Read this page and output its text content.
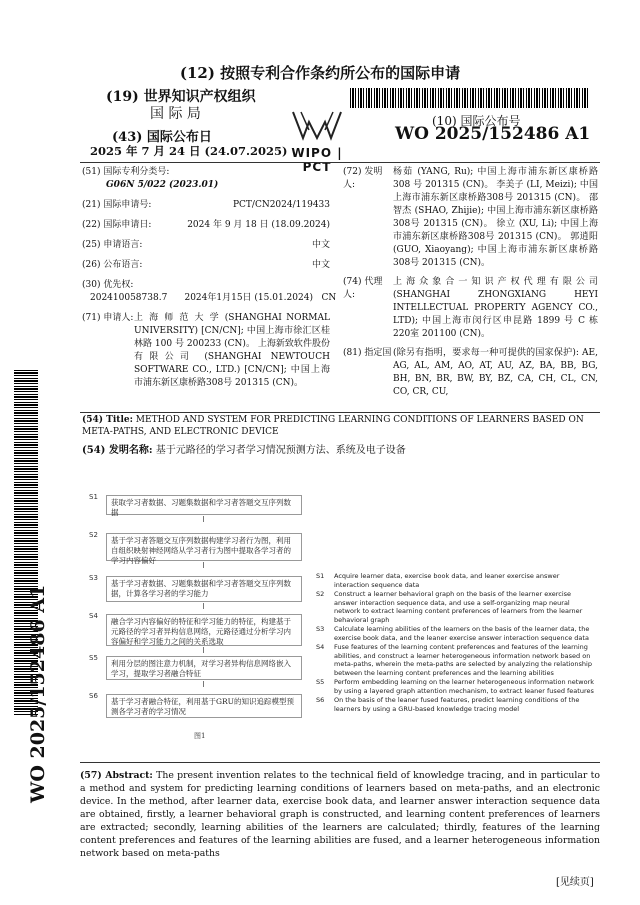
(12) 按照专利合作条约所公布的国际申请
(19) 世界知识产权组织
国 际 局
(43) 国际公布日
2025 年 7 月 24 日 (24.07.2025) WIPO | PCT
(10) 国际公布号
WO 2025/152486 A1
(51) 国际专利分类号:
G06N 5/022 (2023.01)
(21) 国际申请号:	PCT/CN2024/119433
(22) 国际申请日:	2024 年 9 月 18 日 (18.09.2024)
(25) 申请语言:	中文
(26) 公布语言:	中文
(30) 优先权:
202410058738.7      2024年1月15日 (15.01.2024)   CN
(71) 申请人: 上 海 师 范 大 学 (SHANGHAI NORMAL UNIVERSITY) [CN/CN]; 中国上海市徐汇区桂林路 100 号 200233 (CN)。 上海新致软件股份有限公司 (SHANGHAI NEWTOUCH SOFTWARE CO., LTD.) [CN/CN]; 中国上海市浦东新区康桥路308号 201315 (CN)。
(72) 发明人:
杨茹 (YANG, Ru); 中国上海市浦东新区康桥路 308 号 201315 (CN)。 李美子 (LI, Meizi); 中国上海市浦东新区康桥路308号 201315 (CN)。 邵智杰 (SHAO, Zhijie); 中国上海市浦东新区康桥路308号 201315 (CN)。 徐立 (XU, Li); 中国上海市浦东新区康桥路308号 201315 (CN)。 郭逍阳 (GUO, Xiaoyang); 中国上海市浦东新区康桥路308号 201315 (CN)。
(74) 代理人:
上 海 众 象 合 一 知 识 产 权 代 理 有 限 公 司 (SHANGHAI ZHONGXIANG HEYI INTELLECTUAL PROPERTY AGENCY CO., LTD); 中国上海市闵行区申昆路 1899 号 C 栋 220室 201100 (CN)。
(81) 指定国 (除另有指明，要求每一种可提供的国家保护): AE, AG, AL, AM, AO, AT, AU, AZ, BA, BB, BG, BH, BN, BR, BW, BY, BZ, CA, CH, CL, CN, CO, CR, CU,
WO 2025/152486 A1
(54) Title: METHOD AND SYSTEM FOR PREDICTING LEARNING CONDITIONS OF LEARNERS BASED ON META-PATHS, AND ELECTRONIC DEVICE
(54) 发明名称: 基于元路径的学习者学习情况预测方法、系统及电子设备
S1
获取学习者数据、习题集数据和学习者答题交互序列数据
S2
基于学习者答题交互序列数据构建学习者行为图，利用自组织映射神经网络从学习者行为图中提取各学习者的学习内容偏好
S3
基于学习者数据、习题集数据和学习者答题交互序列数据，计算各学习者的学习能力
S4
融合学习内容偏好的特征和学习能力的特征，构建基于元路径的学习者异构信息网络，元路径通过分析学习内容偏好和学习能力之间的关系选取
S5
利用分层的图注意力机制，对学习者异构信息网络嵌入学习，提取学习者融合特征
S6
基于学习者融合特征，利用基于GRU的知识追踪模型预测各学习者的学习情况
图1
S1	Acquire learner data, exercise book data, and leaner exercise answer interaction sequence data
S2	Construct a learner behavioral graph on the basis of the learner exercise answer interaction sequence data, and use a self-organizing map neural network to extract learning content preferences of learners from the learner behavioral graph
S3	Calculate learning abilities of the learners on the basis of the learner data, the exercise book data, and the leaner exercise answer interaction sequence data
S4	Fuse features of the learning content preferences and features of the learning abilities, and construct a learner heterogeneous information network based on meta-paths, wherein the meta-paths are selected by analyzing the relationship between the learning content preferences and the learning abilities
S5	Perform embedding learning on the learner heterogeneous information network by using a layered graph attention mechanism, to extract leaner fused features
S6	On the basis of the leaner fused features, predict learning conditions of the learners by using a GRU-based knowledge tracing model
(57) Abstract: The present invention relates to the technical field of knowledge tracing, and in particular to a method and system for predicting learning conditions of learners based on meta-paths, and an electronic device. In the method, after learner data, exercise book data, and learner answer interaction sequence data are obtained, firstly, a learner behavioral graph is constructed, and learning content preferences of learners are extracted; secondly, learning abilities of the learners are calculated; thirdly, features of the learning content preferences and features of the learning abilities are fused, and a learner heterogeneous information network based on meta-paths
[见续页]
